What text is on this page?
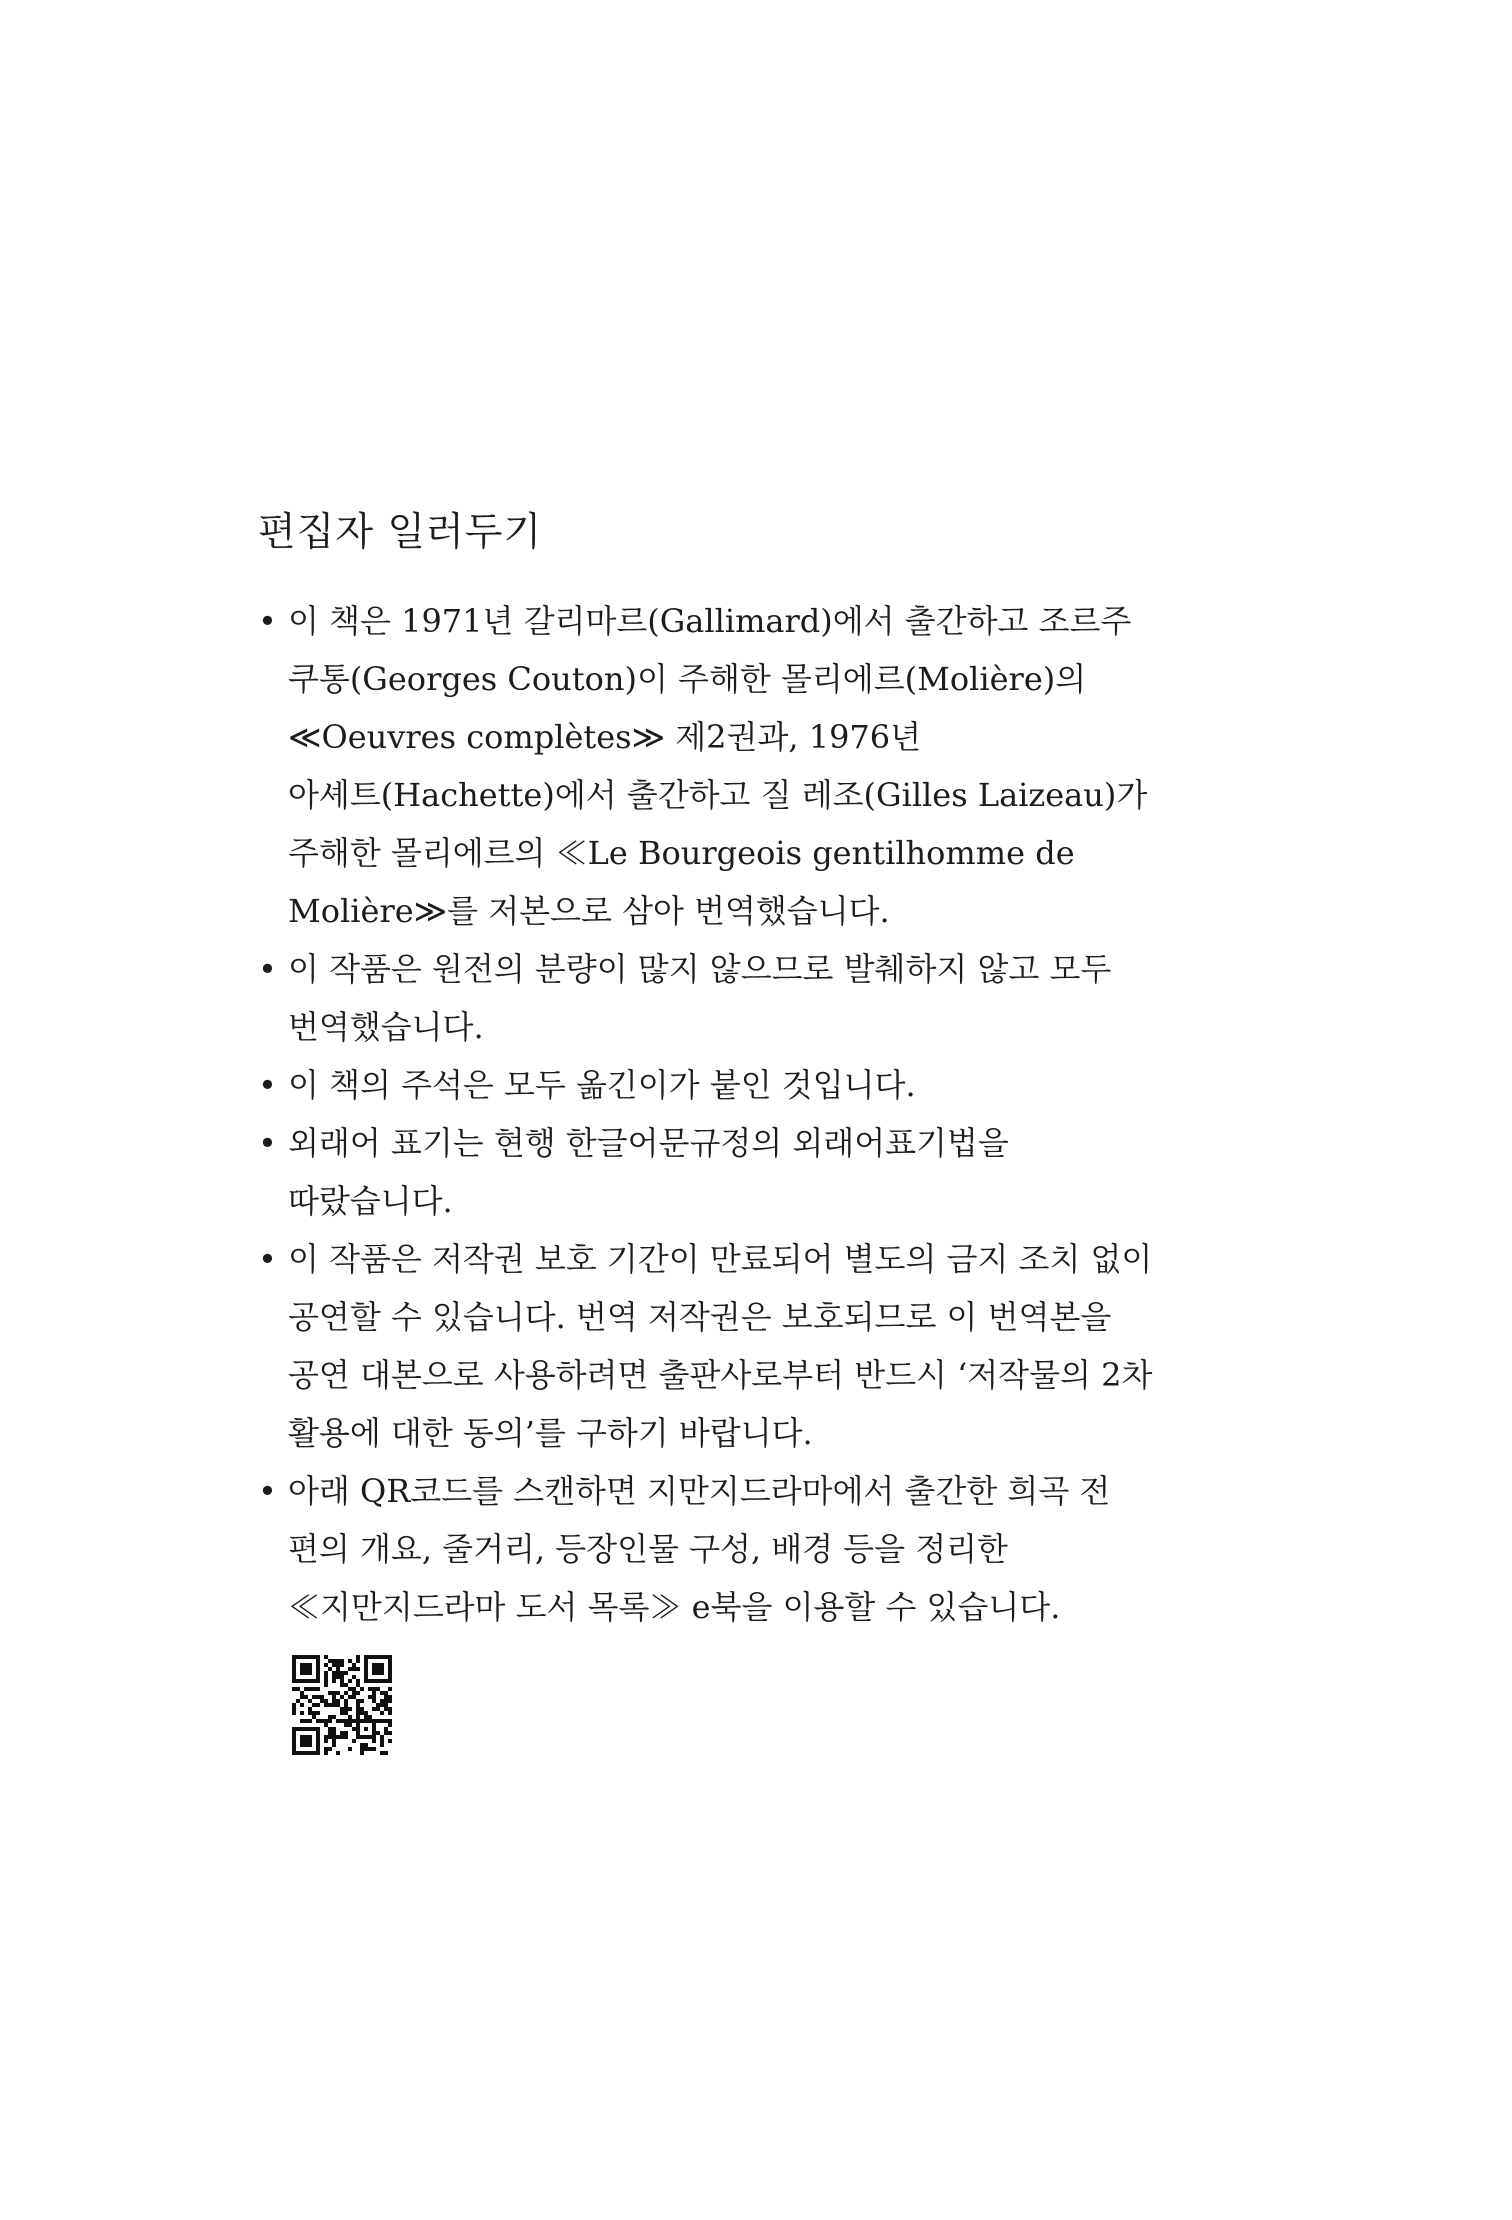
편집자 일러두기
• 이 책은 1971년 갈리마르(Gallimard)에서 출간하고 조르주
쿠통(Georges Couton)이 주해한 몰리에르(Molière)의
≪Oeuvres complètes≫ 제2권과, 1976년
아셰트(Hachette)에서 출간하고 질 레조(Gilles Laizeau)가
주해한 몰리에르의 ≪Le Bourgeois gentilhomme de
Molière≫를 저본으로 삼아 번역했습니다.
• 이 작품은 원전의 분량이 많지 않으므로 발췌하지 않고 모두
번역했습니다.
• 이 책의 주석은 모두 옮긴이가 붙인 것입니다.
• 외래어 표기는 현행 한글어문규정의 외래어표기법을
따랐습니다.
• 이 작품은 저작권 보호 기간이 만료되어 별도의 금지 조치 없이
공연할 수 있습니다. 번역 저작권은 보호되므로 이 번역본을
공연 대본으로 사용하려면 출판사로부터 반드시 ‘저작물의 2차
활용에 대한 동의’를 구하기 바랍니다.
• 아래 QR코드를 스캔하면 지만지드라마에서 출간한 희곡 전
편의 개요, 줄거리, 등장인물 구성, 배경 등을 정리한
≪지만지드라마 도서 목록≫ e북을 이용할 수 있습니다.
